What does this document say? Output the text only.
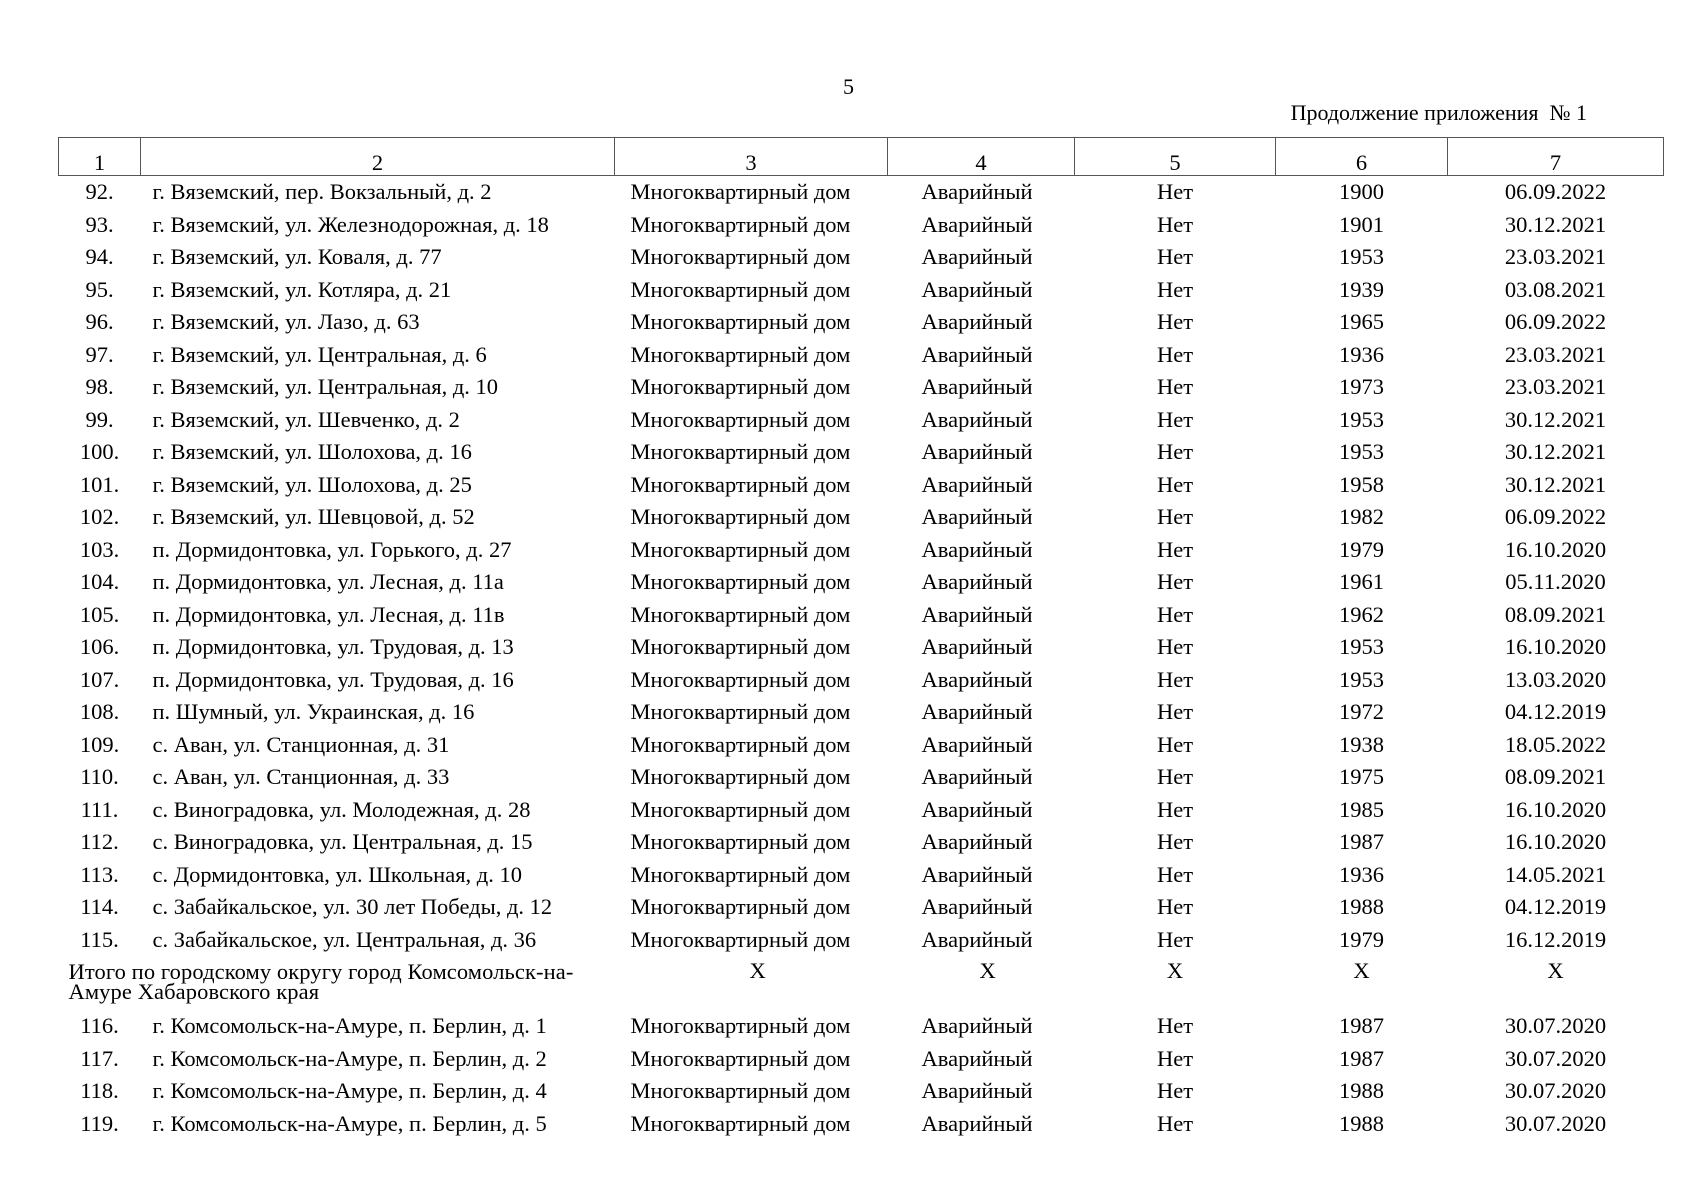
5
Продолжение приложения  № 1
1	2	3	4	5	6	7
92.	г. Вяземский, пер. Вокзальный, д. 2	Многоквартирный дом	Аварийный	Нет	1900	06.09.2022
93.	г. Вяземский, ул. Железнодорожная, д. 18	Многоквартирный дом	Аварийный	Нет	1901	30.12.2021
94.	г. Вяземский, ул. Коваля, д. 77	Многоквартирный дом	Аварийный	Нет	1953	23.03.2021
95.	г. Вяземский, ул. Котляра, д. 21	Многоквартирный дом	Аварийный	Нет	1939	03.08.2021
96.	г. Вяземский, ул. Лазо, д. 63	Многоквартирный дом	Аварийный	Нет	1965	06.09.2022
97.	г. Вяземский, ул. Центральная, д. 6	Многоквартирный дом	Аварийный	Нет	1936	23.03.2021
98.	г. Вяземский, ул. Центральная, д. 10	Многоквартирный дом	Аварийный	Нет	1973	23.03.2021
99.	г. Вяземский, ул. Шевченко, д. 2	Многоквартирный дом	Аварийный	Нет	1953	30.12.2021
100.	г. Вяземский, ул. Шолохова, д. 16	Многоквартирный дом	Аварийный	Нет	1953	30.12.2021
101.	г. Вяземский, ул. Шолохова, д. 25	Многоквартирный дом	Аварийный	Нет	1958	30.12.2021
102.	г. Вяземский, ул. Шевцовой, д. 52	Многоквартирный дом	Аварийный	Нет	1982	06.09.2022
103.	п. Дормидонтовка, ул. Горького, д. 27	Многоквартирный дом	Аварийный	Нет	1979	16.10.2020
104.	п. Дормидонтовка, ул. Лесная, д. 11а	Многоквартирный дом	Аварийный	Нет	1961	05.11.2020
105.	п. Дормидонтовка, ул. Лесная, д. 11в	Многоквартирный дом	Аварийный	Нет	1962	08.09.2021
106.	п. Дормидонтовка, ул. Трудовая, д. 13	Многоквартирный дом	Аварийный	Нет	1953	16.10.2020
107.	п. Дормидонтовка, ул. Трудовая, д. 16	Многоквартирный дом	Аварийный	Нет	1953	13.03.2020
108.	п. Шумный, ул. Украинская, д. 16	Многоквартирный дом	Аварийный	Нет	1972	04.12.2019
109.	с. Аван, ул. Станционная, д. 31	Многоквартирный дом	Аварийный	Нет	1938	18.05.2022
110.	с. Аван, ул. Станционная, д. 33	Многоквартирный дом	Аварийный	Нет	1975	08.09.2021
111.	с. Виноградовка, ул. Молодежная, д. 28	Многоквартирный дом	Аварийный	Нет	1985	16.10.2020
112.	с. Виноградовка, ул. Центральная, д. 15	Многоквартирный дом	Аварийный	Нет	1987	16.10.2020
113.	с. Дормидонтовка, ул. Школьная, д. 10	Многоквартирный дом	Аварийный	Нет	1936	14.05.2021
114.	с. Забайкальское, ул. 30 лет Победы, д. 12	Многоквартирный дом	Аварийный	Нет	1988	04.12.2019
115.	с. Забайкальское, ул. Центральная, д. 36	Многоквартирный дом	Аварийный	Нет	1979	16.12.2019
Итого по городскому округу город Комсомольск-на-Амуре Хабаровского края		X	X	X	X	X
116.	г. Комсомольск-на-Амуре, п. Берлин, д. 1	Многоквартирный дом	Аварийный	Нет	1987	30.07.2020
117.	г. Комсомольск-на-Амуре, п. Берлин, д. 2	Многоквартирный дом	Аварийный	Нет	1987	30.07.2020
118.	г. Комсомольск-на-Амуре, п. Берлин, д. 4	Многоквартирный дом	Аварийный	Нет	1988	30.07.2020
119.	г. Комсомольск-на-Амуре, п. Берлин, д. 5	Многоквартирный дом	Аварийный	Нет	1988	30.07.2020
